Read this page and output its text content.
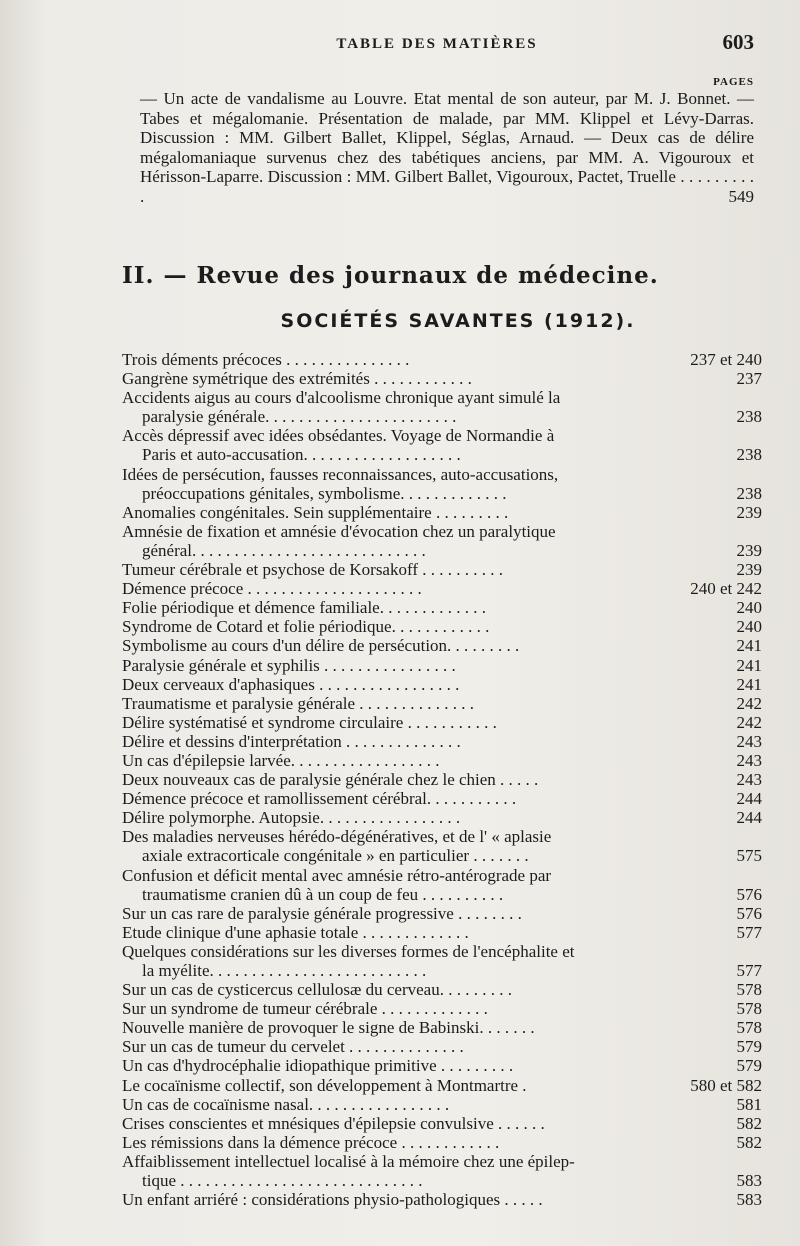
TABLE DES MATIÈRES	603
PAGES
— Un acte de vandalisme au Louvre. Etat mental de son auteur, par M. J. Bonnet. — Tabes et mégalomanie. Présentation de malade, par MM. Klippel et Lévy-Darras. Discussion : MM. Gilbert Ballet, Klippel, Séglas, Arnaud. — Deux cas de délire mégalomaniaque survenus chez des tabétiques anciens, par MM. A. Vigouroux et Hérisson-Laparre. Discussion : MM. Gilbert Ballet, Vigouroux, Pactet, Truelle . . . . . . . . . .	549
II. — Revue des journaux de médecine.
SOCIÉTÉS SAVANTES (1912).
Trois déments précoces . . . . . . . . . . . . . . .	237 et 240
Gangrène symétrique des extrémités . . . . . . . . . . . .	237
Accidents aigus au cours d'alcoolisme chronique ayant simulé la
paralysie générale. . . . . . . . . . . . . . . . . . . . . . .	238
Accès dépressif avec idées obsédantes. Voyage de Normandie à
Paris et auto-accusation. . . . . . . . . . . . . . . . . . .	238
Idées de persécution, fausses reconnaissances, auto-accusations,
préoccupations génitales, symbolisme. . . . . . . . . . . . .	238
Anomalies congénitales. Sein supplémentaire . . . . . . . . .	239
Amnésie de fixation et amnésie d'évocation chez un paralytique
général. . . . . . . . . . . . . . . . . . . . . . . . . . . .	239
Tumeur cérébrale et psychose de Korsakoff . . . . . . . . . .	239
Démence précoce . . . . . . . . . . . . . . . . . . . . .	240 et 242
Folie périodique et démence familiale. . . . . . . . . . . . .	240
Syndrome de Cotard et folie périodique. . . . . . . . . . . .	240
Symbolisme au cours d'un délire de persécution. . . . . . . . .	241
Paralysie générale et syphilis . . . . . . . . . . . . . . . .	241
Deux cerveaux d'aphasiques . . . . . . . . . . . . . . . . .	241
Traumatisme et paralysie générale . . . . . . . . . . . . . .	242
Délire systématisé et syndrome circulaire . . . . . . . . . . .	242
Délire et dessins d'interprétation . . . . . . . . . . . . . .	243
Un cas d'épilepsie larvée. . . . . . . . . . . . . . . . . .	243
Deux nouveaux cas de paralysie générale chez le chien . . . . .	243
Démence précoce et ramollissement cérébral. . . . . . . . . . .	244
Délire polymorphe. Autopsie. . . . . . . . . . . . . . . . .	244
Des maladies nerveuses hérédo-dégénératives, et de l' « aplasie
axiale extracorticale congénitale » en particulier . . . . . . .	575
Confusion et déficit mental avec amnésie rétro-antérograde par
traumatisme cranien dû à un coup de feu . . . . . . . . . .	576
Sur un cas rare de paralysie générale progressive . . . . . . . .	576
Etude clinique d'une aphasie totale . . . . . . . . . . . . .	577
Quelques considérations sur les diverses formes de l'encéphalite et
la myélite. . . . . . . . . . . . . . . . . . . . . . . . . .	577
Sur un cas de cysticercus cellulosæ du cerveau. . . . . . . . .	578
Sur un syndrome de tumeur cérébrale . . . . . . . . . . . . .	578
Nouvelle manière de provoquer le signe de Babinski. . . . . . .	578
Sur un cas de tumeur du cervelet . . . . . . . . . . . . . .	579
Un cas d'hydrocéphalie idiopathique primitive . . . . . . . . .	579
Le cocaïnisme collectif, son développement à Montmartre .	580 et 582
Un cas de cocaïnisme nasal. . . . . . . . . . . . . . . . .	581
Crises conscientes et mnésiques d'épilepsie convulsive . . . . . .	582
Les rémissions dans la démence précoce . . . . . . . . . . . .	582
Affaiblissement intellectuel localisé à la mémoire chez une épilep-
tique . . . . . . . . . . . . . . . . . . . . . . . . . . . . .	583
Un enfant arriéré : considérations physio-pathologiques . . . . .	583
